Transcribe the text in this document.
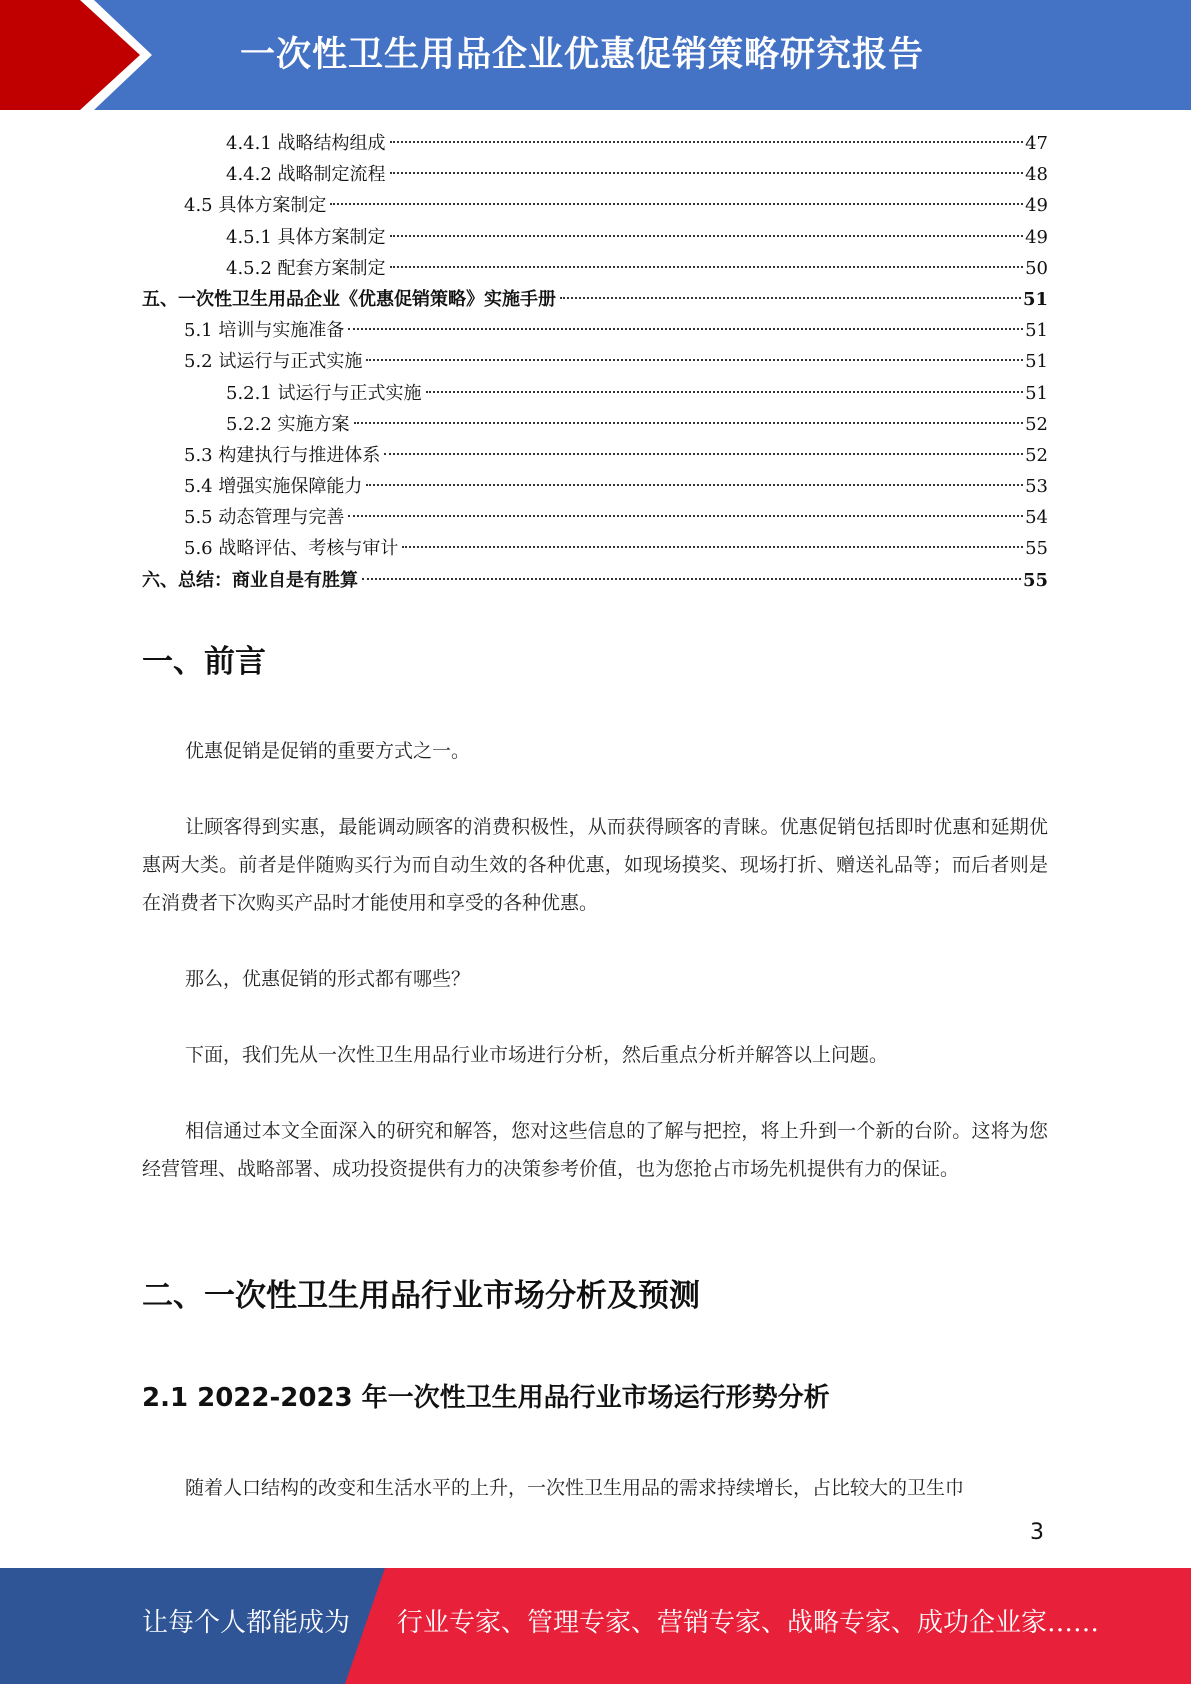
一次性卫生用品企业优惠促销策略研究报告
4.4.1 战略结构组成	47
4.4.2 战略制定流程	48
4.5 具体方案制定	49
4.5.1 具体方案制定	49
4.5.2 配套方案制定	50
五、一次性卫生用品企业《优惠促销策略》实施手册	51
5.1 培训与实施准备	51
5.2 试运行与正式实施	51
5.2.1 试运行与正式实施	51
5.2.2 实施方案	52
5.3 构建执行与推进体系	52
5.4 增强实施保障能力	53
5.5 动态管理与完善	54
5.6 战略评估、考核与审计	55
六、总结：商业自是有胜算	55
一、前言
优惠促销是促销的重要方式之一。
让顾客得到实惠，最能调动顾客的消费积极性，从而获得顾客的青睐。优惠促销包括即时优惠和延期优惠两大类。前者是伴随购买行为而自动生效的各种优惠，如现场摸奖、现场打折、赠送礼品等；而后者则是在消费者下次购买产品时才能使用和享受的各种优惠。
那么，优惠促销的形式都有哪些？
下面，我们先从一次性卫生用品行业市场进行分析，然后重点分析并解答以上问题。
相信通过本文全面深入的研究和解答，您对这些信息的了解与把控，将上升到一个新的台阶。这将为您经营管理、战略部署、成功投资提供有力的决策参考价值，也为您抢占市场先机提供有力的保证。
二、一次性卫生用品行业市场分析及预测
2.1 2022-2023 年一次性卫生用品行业市场运行形势分析
随着人口结构的改变和生活水平的上升，一次性卫生用品的需求持续增长，占比较大的卫生巾
3
让每个人都能成为 行业专家、管理专家、营销专家、战略专家、成功企业家……
